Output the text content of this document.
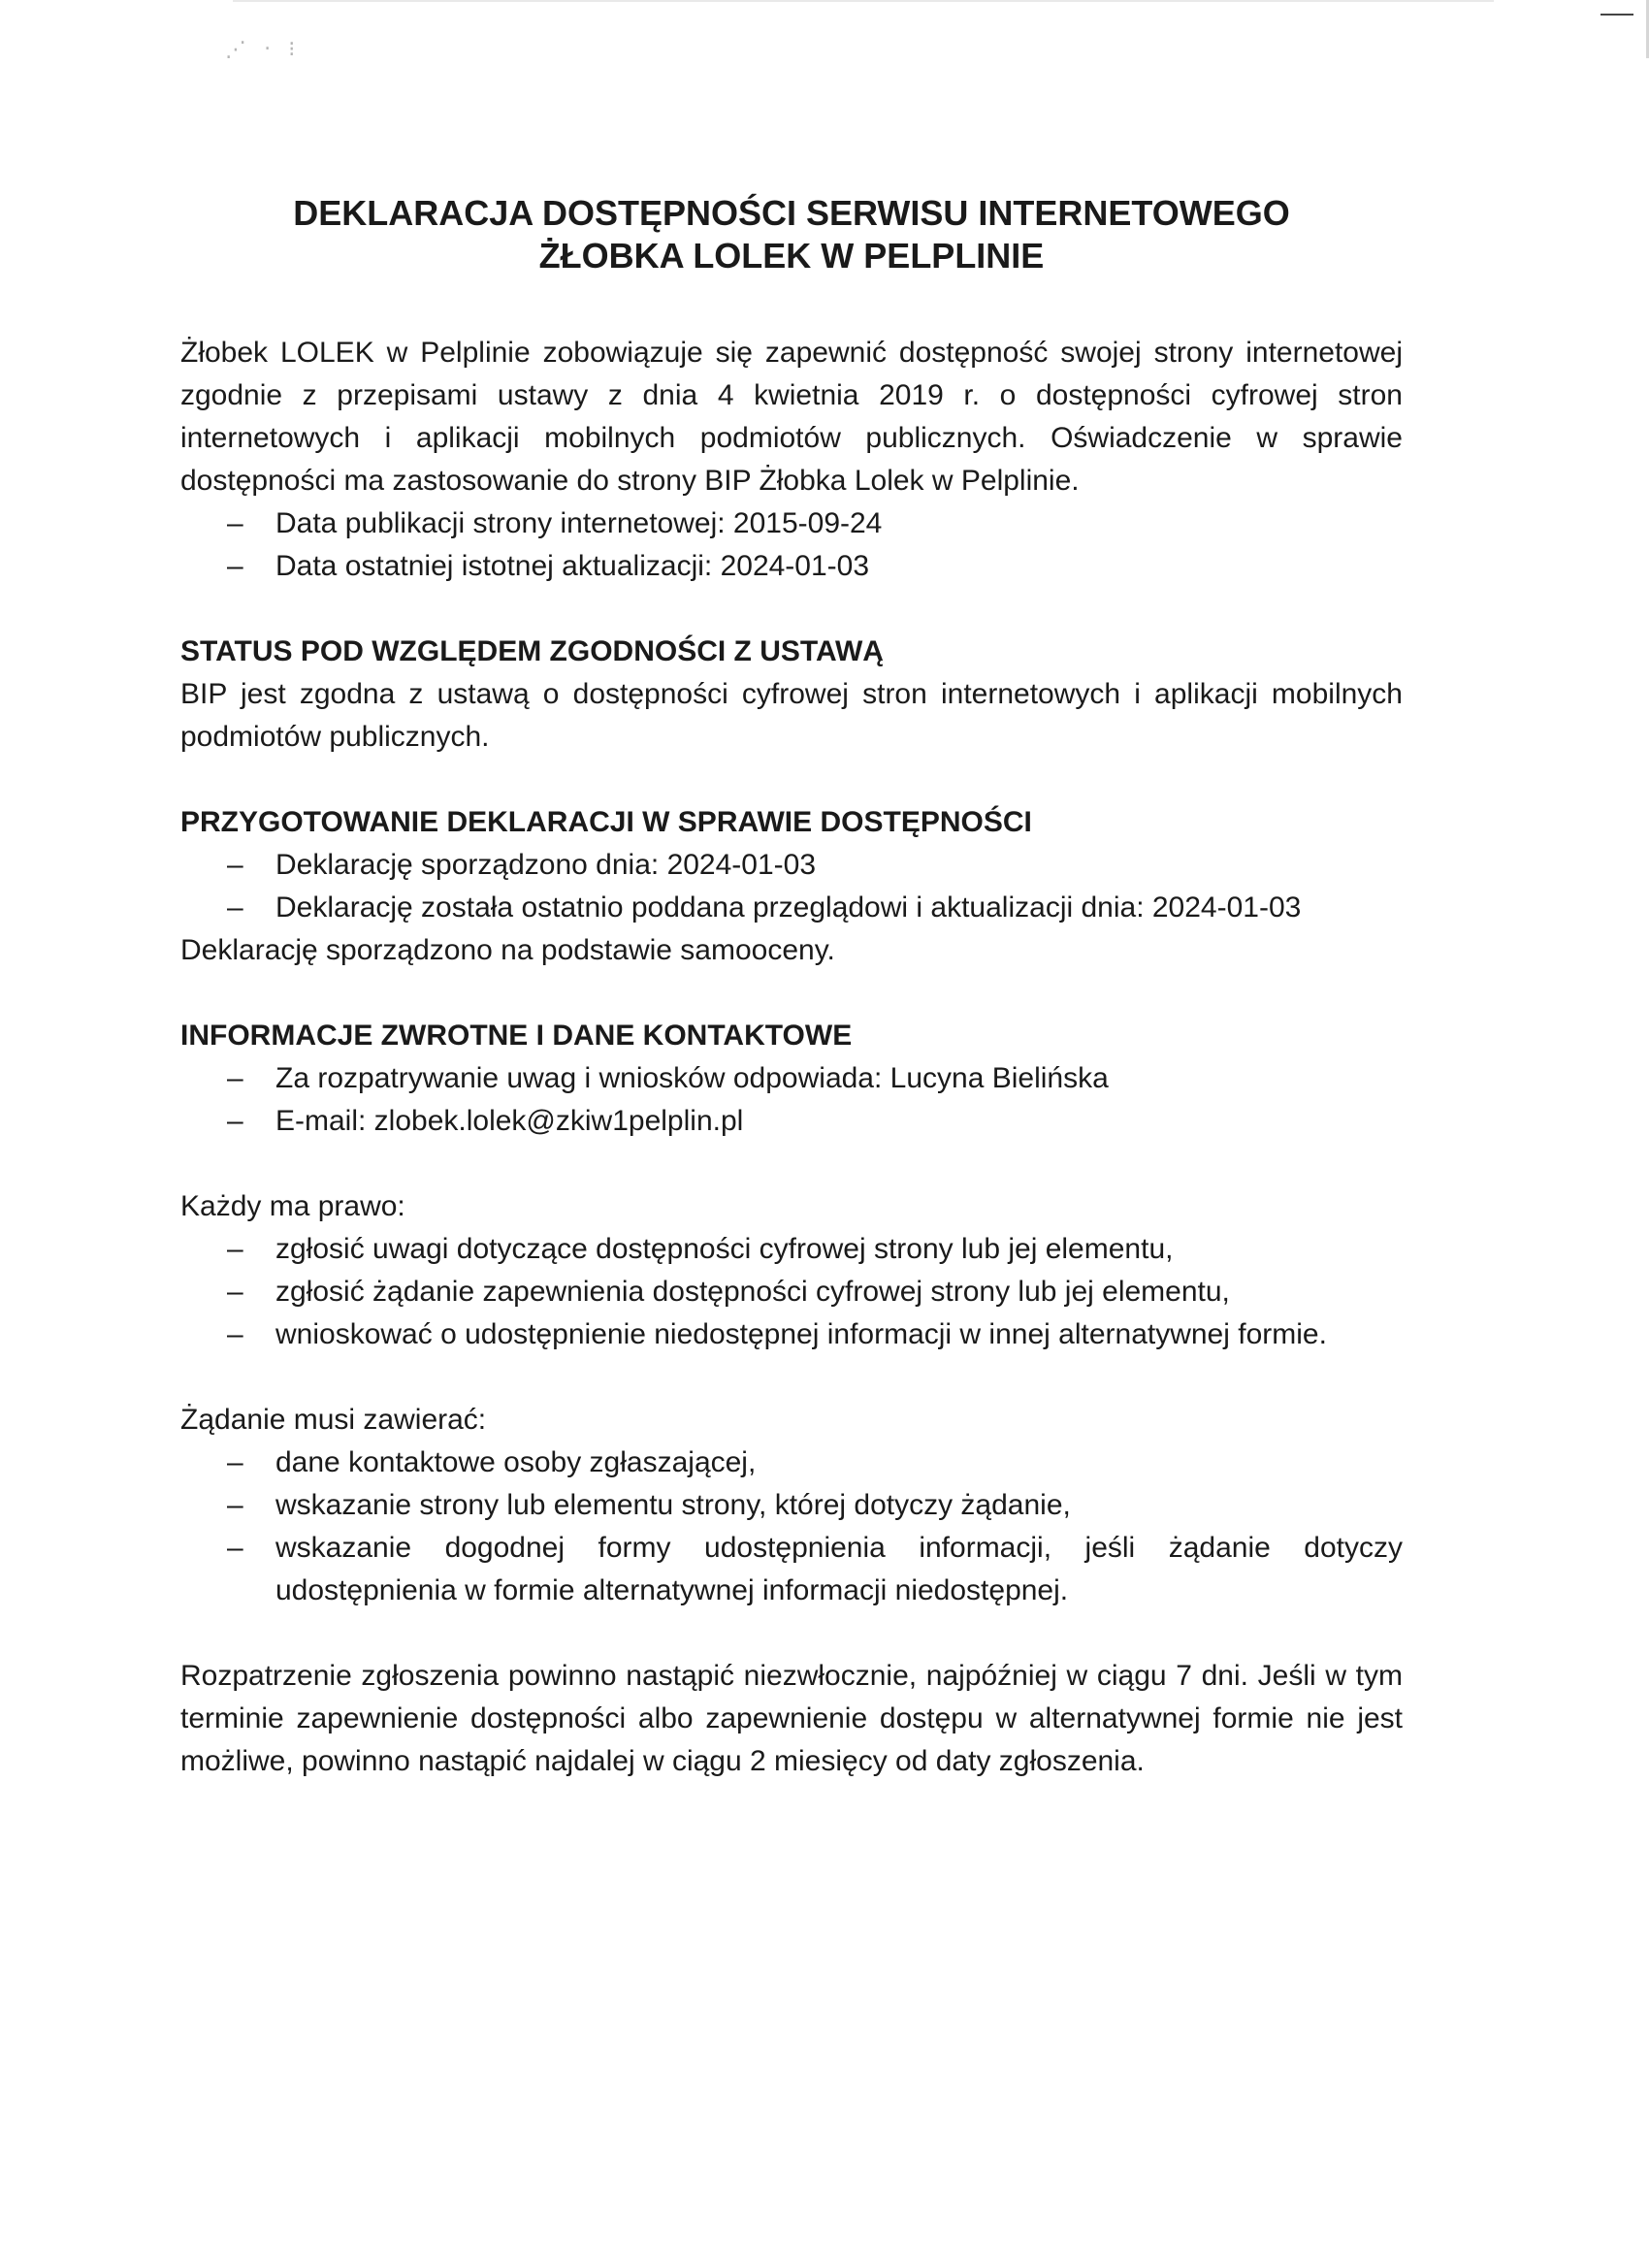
⋰ ‧ ⁝
DEKLARACJA DOSTĘPNOŚCI SERWISU INTERNETOWEGO
ŻŁOBKA LOLEK W PELPLINIE

Żłobek LOLEK w Pelplinie zobowiązuje się zapewnić dostępność swojej strony internetowej zgodnie z przepisami ustawy z dnia 4 kwietnia 2019 r. o dostępności cyfrowej stron internetowych i aplikacji mobilnych podmiotów publicznych. Oświadczenie w sprawie dostępności ma zastosowanie do strony BIP Żłobka Lolek w Pelplinie.

– Data publikacji strony internetowej: 2015-09-24
– Data ostatniej istotnej aktualizacji: 2024-01-03
STATUS POD WZGLĘDEM ZGODNOŚCI Z USTAWĄ

BIP jest zgodna z ustawą o dostępności cyfrowej stron internetowych i aplikacji mobilnych podmiotów publicznych.

PRZYGOTOWANIE DEKLARACJI W SPRAWIE DOSTĘPNOŚCI
– Deklarację sporządzono dnia: 2024-01-03
– Deklarację została ostatnio poddana przeglądowi i aktualizacji dnia: 2024-01-03

Deklarację sporządzono na podstawie samooceny.

INFORMACJE ZWROTNE I DANE KONTAKTOWE
– Za rozpatrywanie uwag i wniosków odpowiada: Lucyna Bielińska
– E-mail: zlobek.lolek@zkiw1pelplin.pl

Każdy ma prawo:

– zgłosić uwagi dotyczące dostępności cyfrowej strony lub jej elementu,
– zgłosić żądanie zapewnienia dostępności cyfrowej strony lub jej elementu,
– wnioskować o udostępnienie niedostępnej informacji w innej alternatywnej formie.

Żądanie musi zawierać:

– dane kontaktowe osoby zgłaszającej,
– wskazanie strony lub elementu strony, której dotyczy żądanie,
– wskazanie dogodnej formy udostępnienia informacji, jeśli żądanie dotyczy udostępnienia w formie alternatywnej informacji niedostępnej.

Rozpatrzenie zgłoszenia powinno nastąpić niezwłocznie, najpóźniej w ciągu 7 dni. Jeśli w tym terminie zapewnienie dostępności albo zapewnienie dostępu w alternatywnej formie nie jest możliwe, powinno nastąpić najdalej w ciągu 2 miesięcy od daty zgłoszenia.
